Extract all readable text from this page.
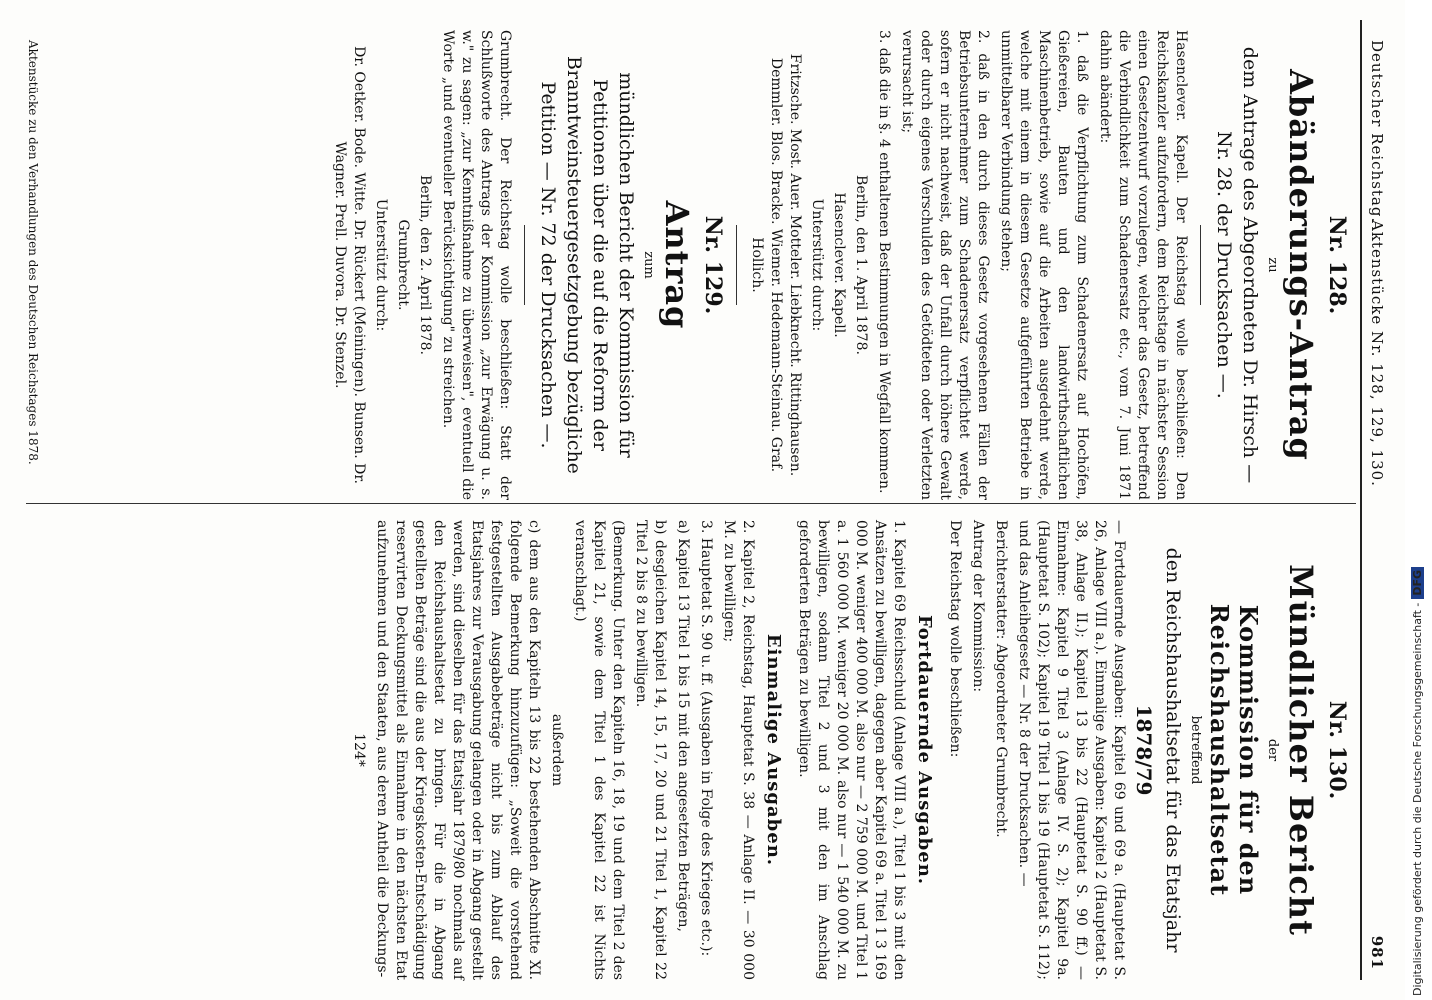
Deutscher Reichstag.
Aktenstücke Nr. 128, 129, 130.
981
Nr. 128.
Abänderungs-Antrag
zu
dem Antrage des Abgeordneten Dr. Hirsch — Nr. 28. der Drucksachen —.
Hasenclever. Kapell. Der Reichstag wolle beschließen: Den Reichskanzler aufzufordern, dem Reichstage in nächster Session einen Gesetzentwurf vorzulegen, welcher das Gesetz, betreffend die Verbindlichkeit zum Schadenersatz etc., vom 7. Juni 1871 dahin abändert:
1. daß die Verpflichtung zum Schadenersatz auf Hochöfen, Gießereien, Bauten und den landwirthschaftlichen Maschinenbetrieb, sowie auf die Arbeiten ausgedehnt werde, welche mit einem in diesem Gesetze aufgeführten Betriebe in unmittelbarer Verbindung stehen;
2. daß in den durch dieses Gesetz vorgesehenen Fällen der Betriebsunternehmer zum Schadenersatz verpflichtet werde, sofern er nicht nachweist, daß der Unfall durch höhere Gewalt oder durch eigenes Verschulden des Getödteten oder Verletzten verursacht ist;
3. daß die in §. 4 enthaltenen Bestimmungen in Wegfall kommen.
Berlin, den 1. April 1878.
Hasenclever. Kapell.
Unterstützt durch:
Fritzsche. Most. Auer. Motteler. Liebknecht. Rittinghausen. Demmler. Blos. Bracke. Wiemer. Hedemann-Steinau. Graf. Hollich.
Nr. 129.
Antrag
zum
mündlichen Bericht der Kommission für Petitionen über die auf die Reform der Branntweinsteuergesetzgebung bezügliche Petition — Nr. 72 der Drucksachen —.
Grumbrecht. Der Reichstag wolle beschließen: Statt der Schlußworte des Antrags der Kommission „zur Erwägung u. s. w." zu sagen: „zur Kenntnißnahme zu überweisen", eventuell die Worte „und eventueller Berücksichtigung" zu streichen.
Berlin, den 2. April 1878.
Grumbrecht.
Unterstützt durch:
Dr. Oetker. Bode. Witte. Dr. Rückert (Meiningen). Bunsen. Dr. Wagner. Prell. Duvora. Dr. Stenzel.
Nr. 130.
Mündlicher Bericht
der
Kommission für den Reichshaushaltsetat
betreffend
den Reichshaushaltsetat für das Etatsjahr
1878/79
— Fortdauernde Ausgaben: Kapitel 69 und 69 a. (Hauptetat S. 26, Anlage VIII a.). Einmalige Ausgaben: Kapitel 2 (Hauptetat S. 38, Anlage II.); Kapitel 13 bis 22 (Hauptetat S. 90 ff.) — Einnahme: Kapitel 9 Titel 3 (Anlage IV. S. 2); Kapitel 9a. (Hauptetat S. 102); Kapitel 19 Titel 1 bis 19 (Hauptetat S. 112); und das Anleihegesetz — Nr. 8 der Drucksachen. —
Berichterstatter: Abgeordneter Grumbrecht.
Antrag der Kommission:
Der Reichstag wolle beschließen:
Fortdauernde Ausgaben.
1. Kapitel 69 Reichsschuld (Anlage VIII a.), Titel 1 bis 3 mit den Ansätzen zu bewilligen, dagegen aber Kapitel 69 a. Titel 1 3 169 000 M. weniger 400 000 M. also nur — 2 759 000 M. und Titel 1 a. 1 560 000 M. weniger 20 000 M. also nur — 1 540 000 M. zu bewilligen, sodann Titel 2 und 3 mit den im Anschlag geforderten Beträgen zu bewilligen.
Einmalige Ausgaben.
2. Kapitel 2, Reichstag, Hauptetat S. 38 — Anlage II. — 30 000 M. zu bewilligen;
3. Hauptetat S. 90 u. ff. (Ausgaben in Folge des Krieges etc.):
a) Kapitel 13 Titel 1 bis 15 mit den angesetzten Beträgen,
b) desgleichen Kapitel 14, 15, 17, 20 und 21 Titel 1, Kapitel 22 Titel 2 bis 8 zu bewilligen.
(Bemerkung. Unter den Kapiteln 16, 18, 19 und dem Titel 2 des Kapitel 21, sowie dem Titel 1 des Kapitel 22 ist Nichts veranschlagt.)
außerdem
c) dem aus den Kapiteln 13 bis 22 bestehenden Abschnitte XI. folgende Bemerkung hinzuzufügen: „Soweit die vorstehend festgestellten Ausgabebeträge nicht bis zum Ablauf des Etatsjahres zur Verausgabung gelangen oder in Abgang gestellt werden, sind dieselben für das Etatsjahr 1879/80 nochmals auf den Reichshaushaltsetat zu bringen. Für die in Abgang gestellten Beträge sind die aus der Kriegskosten-Entschädigung reservirten Deckungsmittel als Einnahme in den nächsten Etat aufzunehmen und den Staaten, aus deren Antheil die Deckungs-
124*
Aktenstücke zu den Verhandlungen des Deutschen Reichstages 1878.
Digitalisierung gefördert durch die Deutsche Forschungsgemeinschaft -DFG
